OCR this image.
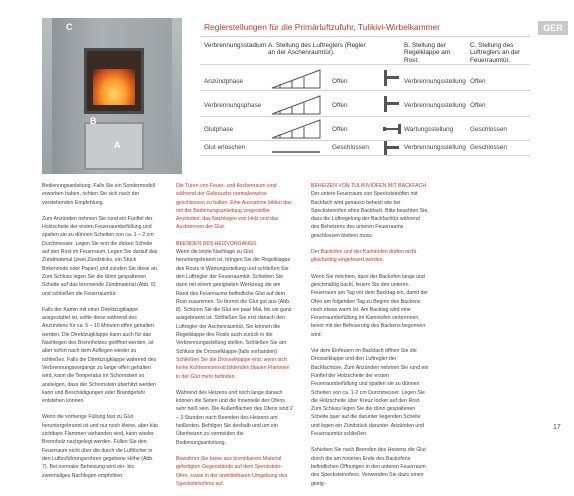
C
B
A
GER
Reglerstellungen für die Primärluftzufuhr, Tulikivi-Wirbelkammer
Verbrennungsstadium A. Stellung des Luftreglers (Regler an der Aschenraumtür).
B. Stellung der Regelklappe am Rost.
C. Stellung des Luftreglers an der Feuerraumtür.
Anzündphase	Offen	Verbrennungsstellung Offen
Verbrennungsphase	Offen	Verbrennungsstellung Offen
Glutphase	Offen	Wartungsstellung	Geschlossen
Glut erloschen	Geschlossen	Verbrennungsstellung Geschlossen

Bedienungsanleitung. Falls Sie ein Sondermodell erworben haben, richten Sie sich nach der vorstehenden Empfehlung.

Zum Anzünden nehmen Sie rund ein Fünftel der Holzscheite der ersten Feuerraumbefüllung und spalten sie zu dünnen Scheiten von ca. 1 – 2 cm Durchmesser. Legen Sie erst die dicken Scheite auf den Rost im Feuerraum. Legen Sie darauf das Zündmaterial (zwei Zündsticks, ein Stück Birkenrinde oder Papier) und zünden Sie diese an. Zum Schluss legen Sie die dünn gespaltenen Scheite auf das brennende Zündmaterial (Abb. 6) und schließen die Feuerraumtür.

Falls der Kamin mit einer Direktzugklappe ausgestattet ist, sollte diese während des Anzündens für ca. 5 – 10 Minuten offen gehalten werden. Die Direktzugklappe kann auch für das Nachlegen des Brennholzes geöffnet werden, ist aber sofort nach dem Auflegen wieder zu schließen. Falls die Direktzugklappe während des Verbrennungsvorgangs zu lange offen gehalten wird, kann die Temperatur im Schornstein so ansteigen, dass der Schornstein überhitzt werden kann und Beschädigungen oder Brandgefahr entstehen können.

Wenn die vorherige Füllung fast zu Glut heruntergebrannt ist und nur noch kleine, aber klar sichtbare Flammen vorhanden sind, kann wieder Brennholz nachgelegt werden. Füllen Sie den Feuerraum nicht über die durch die Luftlöcher in den Luftzuführungsrohren gegebene Höhe (Abb. 7). Bei normaler Beheizung wird ein- bis zweimaliges Nachlegen empfohlen.

Die Türen von Feuer- und Aschenraum sind während der Gebrauchs normalerweise geschlossen zu halten. Eine Ausnahme bilden das mit der Bedienungsanleitung vorgestellte Anzünden, das Nachlegen von Holz und das Ausbrennen der Glut.

BEENDEN DES HEIZVORGANGS

Wenn die letzte Nachlage zu Glut heruntergebrannt ist, bringen Sie die Regelklappe des Rosts in Wartungsstellung und schließen Sie den Luftregler der Feuerraumtür. Schieben Sie dann mit einem geeigneten Werkzeug die am Rand des Feuerraums befindliche Glut auf dem Rost zusammen. So brennt die Glut gut aus (Abb. 8). Schüren Sie die Glut ein paar Mal, bis sie ganz ausgebrannt ist. Schließen Sie erst danach den Luftregler der Aschenraumtür. Sie können die Regelklappe des Rosts auch zurück in die Verbrennungsstellung stellen. Schließen Sie am Schluss die Drosselklappe (falls vorhanden).

Schließen Sie die Drosselklappe erst, wenn sich keine Kohlenmonoxid bildenden blauen Flammen in der Glut mehr befinden.

Während des Heizens und noch lange danach können die Seiten und die Innenteile des Ofens sehr heiß sein. Die Außenflächen des Ofens sind 2 – 3 Stunden nach Beenden des Heizens am heißesten. Befolgen Sie deshalb und um ein Überheizen zu vermeiden die Bedienungsanleitung.

Bewahren Sie keine aus brennbarem Material gefertigten Gegenstände auf dem Speckstein-Ofen, sowie in der unmittelbaren Umgebung des Specksteinofens auf.

BEHEIZEN VON TULIKIVIÖFEN MIT BACKFACH

Der untere Feuerraum von Specksteinöfen mit Backfach wird genauso beheizt wie bei Specksteinöfen ohne Backfach. Bitte beachten Sie, dass die Luftregelung der Backfachtür während des Beheizens des unteren Feuerraums geschlossen bleiben muss.

Der Backofen und der Kaminofen dürfen nicht gleichzeitig eingefeuert werden.

Wenn Sie möchten, dass der Backofen lange und gleichmäßig backt, feuern Sie den unteren Feuerraum am Tag vor dem Backtag ein, damit der Ofen am folgenden Tag zu Beginn des Backens noch etwas warm ist. Am Backtag wird eine Feuerraumbefüllung im Kaminofen verbrennen, bevor mit der Befeuerung des Backens begonnen wird.

Vor dem Einfeuern im Backfach öffnen Sie die Drosselklappe und den Luftregler der Backfachtüre. Zum Anzünden nehmen Sie rund ein Fünftel der Holzscheite der ersten Feuerraumbefüllung und spalten sie zu dünnen Scheiten von ca. 1-2 cm Durchmesser. Legen Sie die Holzscheite über Kreuz locker auf den Rost. Zum Schluss legen Sie die dünn gespaltenen Scheite quer auf die darunter liegenden Scheite und legen ein Zündstück darunter. Anzünden und Feuerraumtür schließen.

Schieben Sie nach Beenden des Heizens die Glut durch die am hinteren Ende des Backofens befindlichen Öffnungen in den unteren Feuerraum des Specksteinofens. Verwenden Sie dazu einen geeig-

17
